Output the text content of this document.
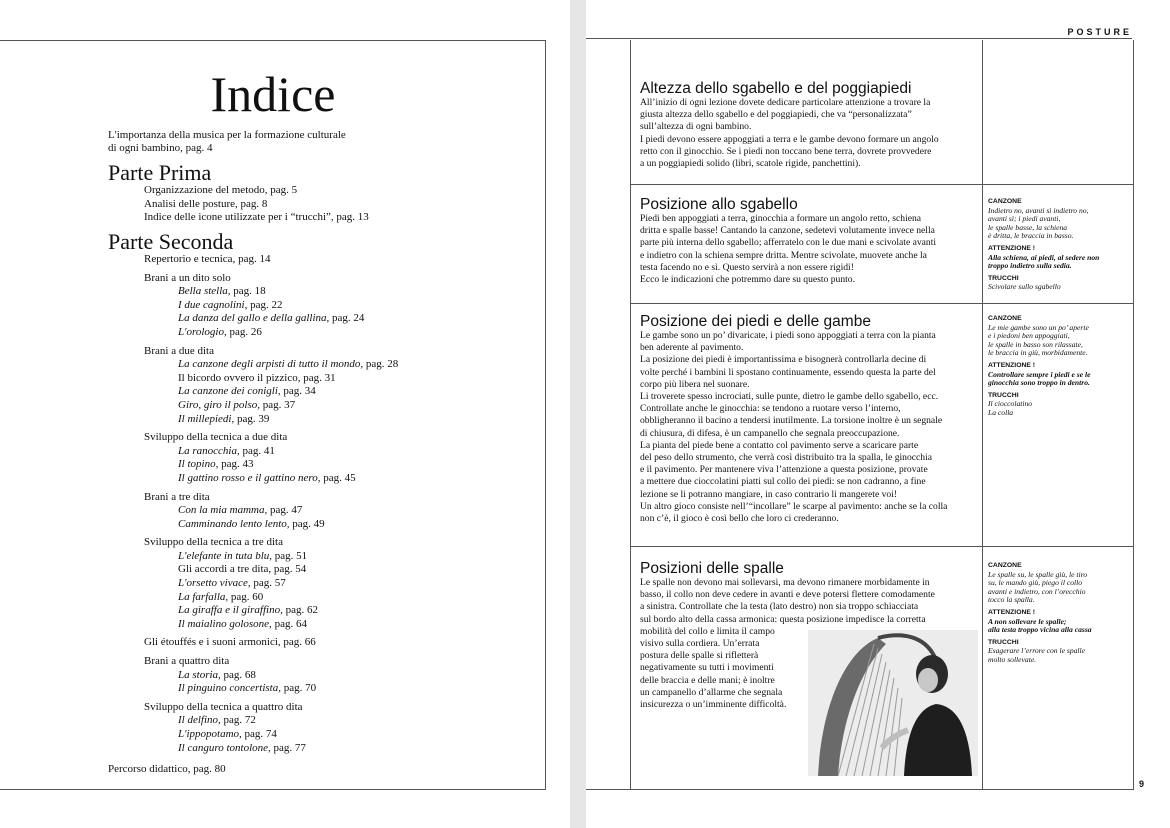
Indice
L'importanza della musica per la formazione culturale
di ogni bambino, pag. 4
Parte Prima
Organizzazione del metodo, pag. 5
Analisi delle posture, pag. 8
Indice delle icone utilizzate per i “trucchi”, pag. 13
Parte Seconda
Repertorio e tecnica, pag. 14
Brani a un dito solo
Bella stella, pag. 18
I due cagnolini, pag. 22
La danza del gallo e della gallina, pag. 24
L'orologio, pag. 26
Brani a due dita
La canzone degli arpisti di tutto il mondo, pag. 28
Il bicordo ovvero il pizzico, pag. 31
La canzone dei conigli, pag. 34
Giro, giro il polso, pag. 37
Il millepiedi, pag. 39
Sviluppo della tecnica a due dita
La ranocchia, pag. 41
Il topino, pag. 43
Il gattino rosso e il gattino nero, pag. 45
Brani a tre dita
Con la mia mamma, pag. 47
Camminando lento lento, pag. 49
Sviluppo della tecnica a tre dita
L'elefante in tuta blu, pag. 51
Gli accordi a tre dita, pag. 54
L'orsetto vivace, pag. 57
La farfalla, pag. 60
La giraffa e il giraffino, pag. 62
Il maialino golosone, pag. 64
Gli étouffés e i suoni armonici, pag. 66
Brani a quattro dita
La storia, pag. 68
Il pinguino concertista, pag. 70
Sviluppo della tecnica a quattro dita
Il delfino, pag. 72
L'ippopotamo, pag. 74
Il canguro tontolone, pag. 77
Percorso didattico, pag. 80
POSTURE
Altezza dello sgabello e del poggiapiedi

All’inizio di ogni lezione dovete dedicare particolare attenzione a trovare la

giusta altezza dello sgabello e del poggiapiedi, che va “personalizzata”

sull’altezza di ogni bambino.

I piedi devono essere appoggiati a terra e le gambe devono formare un angolo

retto con il ginocchio. Se i piedi non toccano bene terra, dovrete provvedere

a un poggiapiedi solido (libri, scatole rigide, panchettini).

Posizione allo sgabello

Piedi ben appoggiati a terra, ginocchia a formare un angolo retto, schiena

dritta e spalle basse! Cantando la canzone, sedetevi volutamente invece nella

parte più interna dello sgabello; afferratelo con le due mani e scivolate avanti

e indietro con la schiena sempre dritta. Mentre scivolate, muovete anche la

testa facendo no e sì. Questo servirà a non essere rigidi!

Ecco le indicazioni che potremmo dare su questo punto.

CANZONE
Indietro no, avanti sì indietro no,
avanti sì; i piedi avanti,
le spalle basse, la schiena
è dritta, le braccia in basso.
ATTENZIONE !
Alla schiena, ai piedi, al sedere non
troppo indietro sulla sedia.
TRUCCHI
Scivolare sullo sgabello
Posizione dei piedi e delle gambe

Le gambe sono un po’ divaricate, i piedi sono appoggiati a terra con la pianta

ben aderente al pavimento.

La posizione dei piedi è importantissima e bisognerà controllarla decine di

volte perché i bambini li spostano continuamente, essendo questa la parte del

corpo più libera nel suonare.

Li troverete spesso incrociati, sulle punte, dietro le gambe dello sgabello, ecc.

Controllate anche le ginocchia: se tendono a ruotare verso l’interno,

obbligheranno il bacino a tendersi inutilmente. La torsione inoltre è un segnale

di chiusura, di difesa, è un campanello che segnala preoccupazione.

La pianta del piede bene a contatto col pavimento serve a scaricare parte

del peso dello strumento, che verrà così distribuito tra la spalla, le ginocchia

e il pavimento. Per mantenere viva l’attenzione a questa posizione, provate

a mettere due cioccolatini piatti sul collo dei piedi: se non cadranno, a fine

lezione se li potranno mangiare, in caso contrario li mangerete voi!

Un altro gioco consiste nell’“incollare” le scarpe al pavimento: anche se la colla

non c’è, il gioco è così bello che loro ci crederanno.

CANZONE
Le mie gambe sono un po’ aperte
e i piedoni ben appoggiati,
le spalle in basso son rilassate,
le braccia in giù, morbidamente.
ATTENZIONE !
Controllare sempre i piedi e se le
ginocchia sono troppo in dentro.
TRUCCHI
Il cioccolatino
La colla
Posizioni delle spalle

Le spalle non devono mai sollevarsi, ma devono rimanere morbidamente in

basso, il collo non deve cedere in avanti e deve potersi flettere comodamente

a sinistra. Controllate che la testa (lato destro) non sia troppo schiacciata

sul bordo alto della cassa armonica: questa posizione impedisce la corretta

mobilità del collo e limita il campo

visivo sulla cordiera. Un’errata

postura delle spalle si rifletterà

negativamente su tutti i movimenti

delle braccia e delle mani; è inoltre

un campanello d’allarme che segnala

insicurezza o un’imminente difficoltà.

CANZONE
Le spalle su, le spalle giù, le tiro
su, le mando giù, piego il collo
avanti e indietro, con l’orecchio
tocco la spalla.
ATTENZIONE !
A non sollevare le spalle;
alla testa troppo vicina alla cassa
TRUCCHI
Esagerare l’errore con le spalle
molto sollevate.
9
